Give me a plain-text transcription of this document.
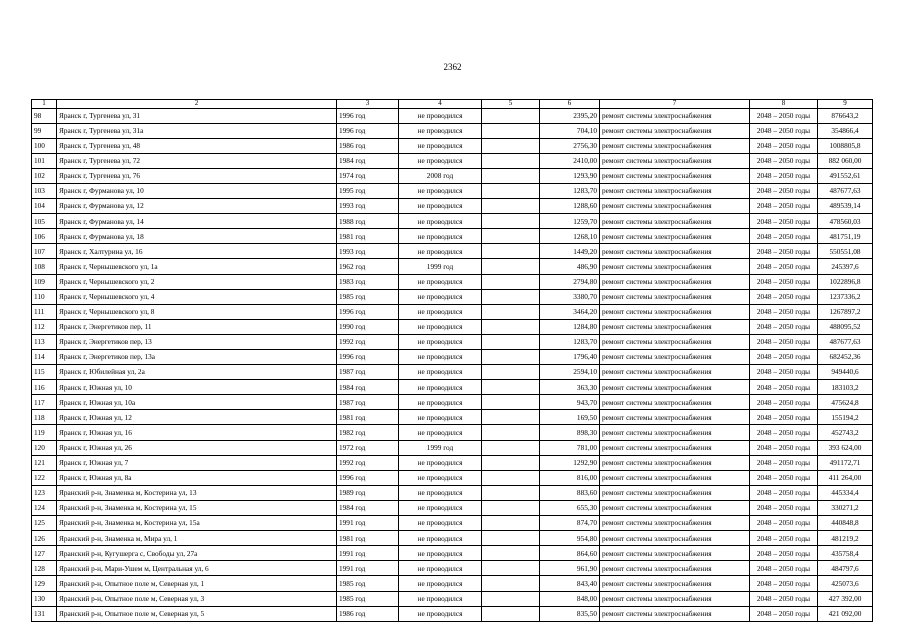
2362
1	2	3	4	5	6	7	8	9
98	Яранск г, Тургенева ул, 31	1996 год	не проводился		2395,20	ремонт системы электроснабжения	2048 – 2050 годы	876643,2
99	Яранск г, Тургенева ул, 31а	1996 год	не проводился		704,10	ремонт системы электроснабжения	2048 – 2050 годы	354866,4
100	Яранск г, Тургенева ул, 48	1986 год	не проводился		2756,30	ремонт системы электроснабжения	2048 – 2050 годы	1008805,8
101	Яранск г, Тургенева ул, 72	1984 год	не проводился		2410,00	ремонт системы электроснабжения	2048 – 2050 годы	882 060,00
102	Яранск г, Тургенева ул, 76	1974 год	2008 год		1293,90	ремонт системы электроснабжения	2048 – 2050 годы	491552,61
103	Яранск г, Фурманова ул, 10	1995 год	не проводился		1283,70	ремонт системы электроснабжения	2048 – 2050 годы	487677,63
104	Яранск г, Фурманова ул, 12	1993 год	не проводился		1288,60	ремонт системы электроснабжения	2048 – 2050 годы	489539,14
105	Яранск г, Фурманова ул, 14	1988 год	не проводился		1259,70	ремонт системы электроснабжения	2048 – 2050 годы	478560,03
106	Яранск г, Фурманова ул, 18	1981 год	не проводился		1268,10	ремонт системы электроснабжения	2048 – 2050 годы	481751,19
107	Яранск г, Халтурина ул, 16	1993 год	не проводился		1449,20	ремонт системы электроснабжения	2048 – 2050 годы	550551,08
108	Яранск г, Чернышевского ул, 1а	1962 год	1999 год		486,90	ремонт системы электроснабжения	2048 – 2050 годы	245397,6
109	Яранск г, Чернышевского ул, 2	1983 год	не проводился		2794,80	ремонт системы электроснабжения	2048 – 2050 годы	1022896,8
110	Яранск г, Чернышевского ул, 4	1985 год	не проводился		3380,70	ремонт системы электроснабжения	2048 – 2050 годы	1237336,2
111	Яранск г, Чернышевского ул, 8	1996 год	не проводился		3464,20	ремонт системы электроснабжения	2048 – 2050 годы	1267897,2
112	Яранск г, Энергетиков пер, 11	1990 год	не проводился		1284,80	ремонт системы электроснабжения	2048 – 2050 годы	488095,52
113	Яранск г, Энергетиков пер, 13	1992 год	не проводился		1283,70	ремонт системы электроснабжения	2048 – 2050 годы	487677,63
114	Яранск г, Энергетиков пер, 13а	1996 год	не проводился		1796,40	ремонт системы электроснабжения	2048 – 2050 годы	682452,36
115	Яранск г, Юбилейная ул, 2а	1987 год	не проводился		2594,10	ремонт системы электроснабжения	2048 – 2050 годы	949440,6
116	Яранск г, Южная ул, 10	1984 год	не проводился		363,30	ремонт системы электроснабжения	2048 – 2050 годы	183103,2
117	Яранск г, Южная ул, 10а	1987 год	не проводился		943,70	ремонт системы электроснабжения	2048 – 2050 годы	475624,8
118	Яранск г, Южная ул, 12	1981 год	не проводился		169,50	ремонт системы электроснабжения	2048 – 2050 годы	155194,2
119	Яранск г, Южная ул, 16	1982 год	не проводился		898,30	ремонт системы электроснабжения	2048 – 2050 годы	452743,2
120	Яранск г, Южная ул, 26	1972 год	1999 год		781,00	ремонт системы электроснабжения	2048 – 2050 годы	393 624,00
121	Яранск г, Южная ул, 7	1992 год	не проводился		1292,90	ремонт системы электроснабжения	2048 – 2050 годы	491172,71
122	Яранск г, Южная ул, 8а	1996 год	не проводился		816,00	ремонт системы электроснабжения	2048 – 2050 годы	411 264,00
123	Яранский р-н, Знаменка м, Костерина ул, 13	1989 год	не проводился		883,60	ремонт системы электроснабжения	2048 – 2050 годы	445334,4
124	Яранский р-н, Знаменка м, Костерина ул, 15	1984 год	не проводился		655,30	ремонт системы электроснабжения	2048 – 2050 годы	330271,2
125	Яранский р-н, Знаменка м, Костерина ул, 15а	1991 год	не проводился		874,70	ремонт системы электроснабжения	2048 – 2050 годы	440848,8
126	Яранский р-н, Знаменка м, Мира ул, 1	1981 год	не проводился		954,80	ремонт системы электроснабжения	2048 – 2050 годы	481219,2
127	Яранский р-н, Кугушерга с, Свободы ул, 27а	1991 год	не проводился		864,60	ремонт системы электроснабжения	2048 – 2050 годы	435758,4
128	Яранский р-н, Мари-Ушем м, Центральная ул, 6	1991 год	не проводился		961,90	ремонт системы электроснабжения	2048 – 2050 годы	484797,6
129	Яранский р-н, Опытное поле м, Северная ул, 1	1985 год	не проводился		843,40	ремонт системы электроснабжения	2048 – 2050 годы	425073,6
130	Яранский р-н, Опытное поле м, Северная ул, 3	1985 год	не проводился		848,00	ремонт системы электроснабжения	2048 – 2050 годы	427 392,00
131	Яранский р-н, Опытное поле м, Северная ул, 5	1986 год	не проводился		835,50	ремонт системы электроснабжения	2048 – 2050 годы	421 092,00
